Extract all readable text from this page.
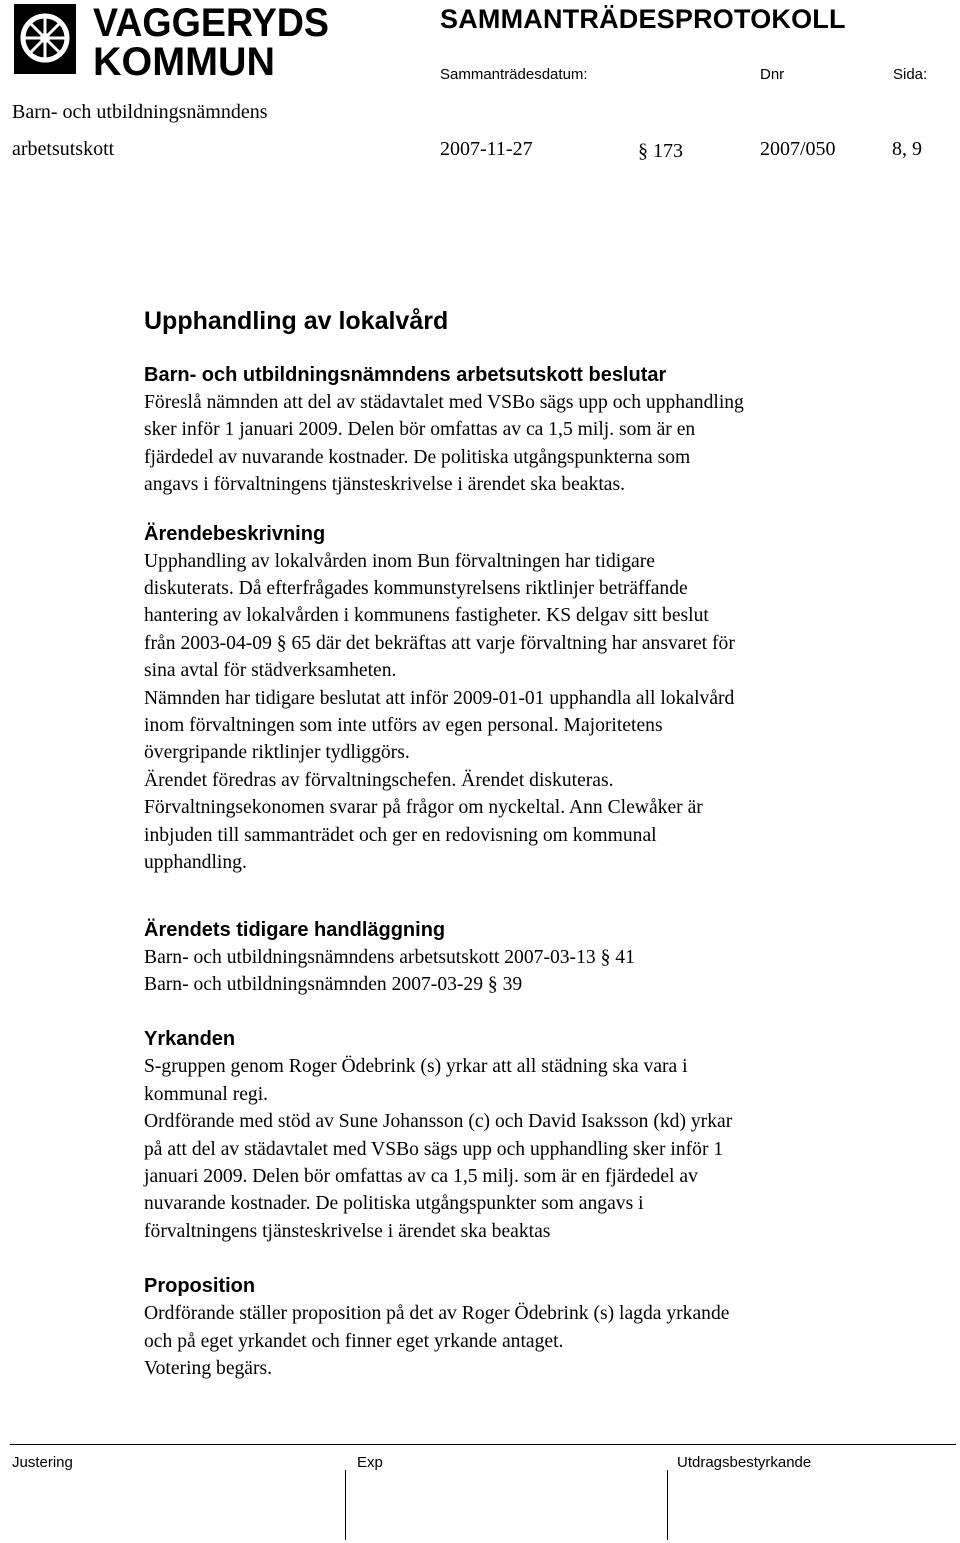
VAGGERYDS
KOMMUN
SAMMANTRÄDESPROTOKOLL
Sammanträdesdatum:	Dnr	Sida:
Barn- och utbildningsnämndens
arbetsutskott	2007-11-27	§ 173	2007/050	8, 9
Upphandling av lokalvård
Barn- och utbildningsnämndens arbetsutskott beslutar
Föreslå nämnden att del av städavtalet med VSBo sägs upp och upphandling
sker inför 1 januari 2009. Delen bör omfattas av ca 1,5 milj. som är en
fjärdedel av nuvarande kostnader. De politiska utgångspunkterna som
angavs i förvaltningens tjänsteskrivelse i ärendet ska beaktas.
Ärendebeskrivning
Upphandling av lokalvården inom Bun förvaltningen har tidigare
diskuterats. Då efterfrågades kommunstyrelsens riktlinjer beträffande
hantering av lokalvården i kommunens fastigheter. KS delgav sitt beslut
från 2003-04-09 § 65 där det bekräftas att varje förvaltning har ansvaret för
sina avtal för städverksamheten.
Nämnden har tidigare beslutat att inför 2009-01-01 upphandla all lokalvård
inom förvaltningen som inte utförs av egen personal. Majoritetens
övergripande riktlinjer tydliggörs.
Ärendet föredras av förvaltningschefen. Ärendet diskuteras.
Förvaltningsekonomen svarar på frågor om nyckeltal. Ann Clewåker är
inbjuden till sammanträdet och ger en redovisning om kommunal
upphandling.
Ärendets tidigare handläggning
Barn- och utbildningsnämndens arbetsutskott 2007-03-13 § 41
Barn- och utbildningsnämnden 2007-03-29 § 39
Yrkanden
S-gruppen genom Roger Ödebrink (s) yrkar att all städning ska vara i
kommunal regi.
Ordförande med stöd av Sune Johansson (c) och David Isaksson (kd) yrkar
på att del av städavtalet med VSBo sägs upp och upphandling sker inför 1
januari 2009. Delen bör omfattas av ca 1,5 milj. som är en fjärdedel av
nuvarande kostnader. De politiska utgångspunkter som angavs i
förvaltningens tjänsteskrivelse i ärendet ska beaktas
Proposition
Ordförande ställer proposition på det av Roger Ödebrink (s) lagda yrkande
och på eget yrkandet och finner eget yrkande antaget.
Votering begärs.
Justering	Exp	Utdragsbestyrkande
